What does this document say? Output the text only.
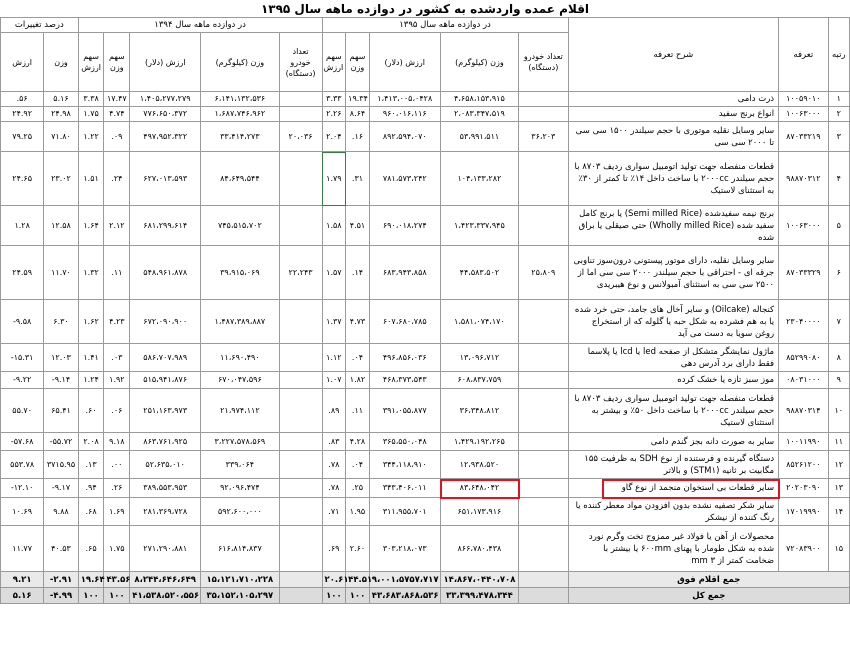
اقلام عمده وارد‌شده به کشور در دوازده ماهه سال ۱۳۹۵														
رتبه	تعرفه	شرح تعرفه	در دوازده ماهه سال ۱۳۹۵					در دوازده ماهه سال ۱۳۹۴					درصد تغییرات	
			تعداد خودرو (دستگاه)	وزن (کیلوگرم)	ارزش (دلار)	سهم وزن	سهم ارزش	تعداد خودرو (دستگاه)	وزن (کیلوگرم)	ارزش (دلار)	سهم وزن	سهم ارزش	وزن	ارزش
۱	۱۰۰۵۹۰۱۰	ذرت دامی		۴،۶۵۸،۱۵۳،۹۱۵	۱،۴۱۳،۰۰۵،۰۴۲۸	۱۹.۳۴	۳.۳۳		۶،۱۴۱،۱۳۲،۵۳۶	۱،۴۰۵،۲۷۷،۲۷۹	۱۷.۴۷	۳.۳۸	۵.۱۶	.۵۶
۲	۱۰۰۶۳۰۰۰	انواع برنج سفید		۲،۰۸۳،۳۴۷،۵۱۹	۹۶۰،۰۱۶،۱۱۶	۸.۶۴	۲.۲۶		۱،۶۸۷،۷۴۶،۹۶۲	۷۷۶،۶۵۰،۳۷۲	۴.۷۴	۱.۷۵	۲۴.۹۸	۲۴.۹۲
۳	۸۷۰۳۳۲۱۹	سایر وسایل نقلیه موتوری با حجم سیلندر ۱۵۰۰ سی سی تا ۲۰۰۰ سی سی	۳۶،۲۰۳	۵۳،۹۹۱،۵۱۱	۸۹۲،۵۹۴،۰۷۰	.۱۶	۲.۰۴	۲۰،۰۳۶	۳۳،۴۱۴،۲۷۳	۴۹۷،۹۵۲،۳۲۲	.۰۹	۱.۲۲	۷۱.۸۰	۷۹.۲۵
۴	۹۸۸۷۰۳۱۲	قطعات منفصله جهت تولید اتومبیل سواری ردیف ۸۷۰۳ با حجم سیلندر ۲۰۰۰cc با ساخت داخل ۱۴٪ تا کمتر از ۳۰٪ به استثنای لاستیک		۱۰۴،۱۳۳،۲۸۲	۷۸۱،۵۷۳،۲۴۲	.۳۱	۱.۷۹		۸۴،۶۴۹،۵۴۴	۶۲۷،۰۱۳،۵۹۳	.۲۴	۱.۵۱	۲۳.۰۲	۲۴.۶۵
۵	۱۰۰۶۳۰۰۰	برنج نیمه سفید‌شده (Semi milled Rice) یا برنج کامل سفید شده (Wholly milled Rice) حتی صیقلی یا براق شده		۱،۴۲۳،۳۳۷،۹۴۵	۶۹۰،۰۱۸،۲۷۴	۴.۵۱	۱.۵۸		۷۴۵،۵۱۵،۷۰۲	۶۸۱،۲۹۹،۶۱۴	۲.۱۲	۱.۶۴	۱۲.۵۸	۱.۲۸
۶	۸۷۰۳۳۳۲۹	سایر وسایل نقلیه، دارای موتور پیستونی درون‌سوز تناوبی جرقه ای - احتراقی با حجم سیلندر ۲۰۰۰ سی سی اما از ۲۵۰۰ سی سی به استثنای آمبولانس و نوع هیبریدی	۲۵،۸۰۹	۴۴،۵۸۳،۵۰۲	۶۸۳،۹۴۳،۸۵۸	.۱۴	۱.۵۷	۲۲،۲۴۳	۳۹،۹۱۵،۰۶۹	۵۴۸،۹۶۱،۸۷۸	.۱۱	۱.۳۲	۱۱.۷۰	۲۴.۵۹
۷	۲۳۰۴۰۰۰۰	کنجاله (Oilcake) و سایر آخال های جامد، حتی خرد شده یا به هم فشرده به شکل حبه یا گلوله که از استخراج روغن سویا به دست می آید		۱،۵۸۱،۰۷۴،۱۷۰	۶۰۷،۶۸۰،۷۸۵	۴.۷۳	۱.۳۷		۱،۴۸۷،۳۸۹،۸۸۷	۶۷۲،۰۹۰،۹۰۰	۴.۲۳	۱.۶۲	۶.۳۰	-۹.۵۸
۸	۸۵۲۹۹۰۸۰	ماژول نمایشگر متشکل از صفحه led یا lcd یا پلاسما فقط دارای برد آدرس دهی		۱۳،۰۹۶،۷۱۲	۴۹۶،۸۵۶،۰۳۶	.۰۴	۱.۱۲		۱۱،۶۹۰،۴۹۰	۵۸۶،۷۰۷،۹۸۹	.۰۳	۱.۴۱	۱۲.۰۳	-۱۵.۳۱
۹	۰۸۰۳۱۰۰۰	موز سبز تازه یا خشک کرده		۶۰۸،۸۳۷،۷۵۹	۴۶۸،۳۷۳،۵۴۳	۱.۸۲	۱.۰۷		۶۷۰،۰۴۷،۵۹۶	۵۱۵،۹۴۱،۸۷۶	۱.۹۲	۱.۲۴	-۹.۱۴	-۹.۲۲
۱۰	۹۸۸۷۰۳۱۴	قطعات منفصله جهت تولید اتومبیل سواری ردیف ۸۷۰۳ با حجم سیلندر ۲۰۰۰cc با ساخت داخل ۵۰٪ و بیشتر به استثنای لاستیک		۳۶،۳۴۸،۸۱۲	۳۹۱،۰۵۵،۸۷۷	.۱۱	.۸۹		۲۱،۹۷۴،۱۱۲	۲۵۱،۱۶۳،۹۷۳	.۰۶	.۶۰	۶۵.۴۱	۵۵.۷۰
۱۱	۱۰۰۱۱۹۹۰	سایر به صورت دانه بجز گندم دامی		۱،۴۲۹،۱۹۲،۲۶۵	۳۶۵،۵۵۰،۰۴۸	۴.۲۸	.۸۳		۳،۲۲۷،۵۷۸،۵۶۹	۸۶۳،۷۶۱،۹۲۵	۹.۱۸	۲.۰۸	-۵۵.۷۲	-۵۷.۶۸
۱۲	۸۵۲۶۱۲۰۰	دستگاه گیرنده و فرستنده از نوع SDH به ظرفیت ۱۵۵ مگابیت بر ثانیه (STM۱) و بالاتر		۱۲،۹۳۸،۵۲۰	۳۴۴،۱۱۸،۹۱۰	.۰۴	.۷۸		۳۳۹،۰۶۴	۵۲،۶۳۵،۰۱۰	.۰۰	.۱۳	۳۷۱۵.۹۵	۵۵۳.۷۸
۱۳	۲۰۲۰۳۰۹۰	سایر قطعات بی استخوان منجمد از نوع گاو		۸۳،۶۴۸،۰۴۲	۳۴۳،۴۰۶،۰۱۱	.۲۵	.۷۸		۹۲،۰۹۶،۴۷۴	۳۸۹،۵۵۳،۹۵۳	.۲۶	.۹۴	-۹.۱۷	-۱۲.۱۰
۱۴	۱۷۰۱۹۹۹۰	سایر شکر تصفیه نشده بدون افزودن مواد معطر کننده یا رنگ کننده از نیشکر		۶۵۱،۱۷۳،۹۱۶	۳۱۱،۹۵۵،۷۰۱	۱.۹۵	.۷۱		۵۹۲،۶۰۰،۰۰۰	۲۸۱،۳۶۹،۷۲۸	۱.۶۹	.۶۸	۹.۸۸	۱۰.۶۹
۱۵	۷۲۰۸۳۹۰۰	محصولات از آهن یا فولاد غیر ممزوج تخت وگرم نورد شده به شکل طومار با پهنای ۶۰۰mm یا بیشتر با ضخامت کمتر از ۳ mm		۸۶۶،۷۸۰،۴۳۸	۳۰۳،۲۱۸،۰۷۳	۲.۶۰	.۶۹		۶۱۶،۸۱۴،۸۳۷	۲۷۱،۲۹۰،۸۸۱	۱.۷۵	.۶۵	۴۰.۵۳	۱۱.۷۷
جمع اقلام فوق				۱۴،۸۶۷،۰۴۴۰،۷۰۸	۹،۰۰۱،۵۷۵۷،۷۱۷	۴۴.۵۱	۲۰.۶۱		۱۵،۱۲۱،۷۱۰،۲۲۸	۸،۲۴۴،۶۴۶،۶۴۹	۴۳.۵۶	۱۹.۶۴	-۲.۹۱	۹.۲۱
جمع کل				۳۳،۳۹۹،۴۷۸،۳۴۴	۴۳،۶۸۳،۸۶۸،۵۳۶	۱۰۰	۱۰۰		۳۵،۱۵۲،۱۰۵،۲۹۷	۴۱،۵۳۸،۵۲۰،۵۵۶	۱۰۰	۱۰۰	-۴.۹۹	۵.۱۶
